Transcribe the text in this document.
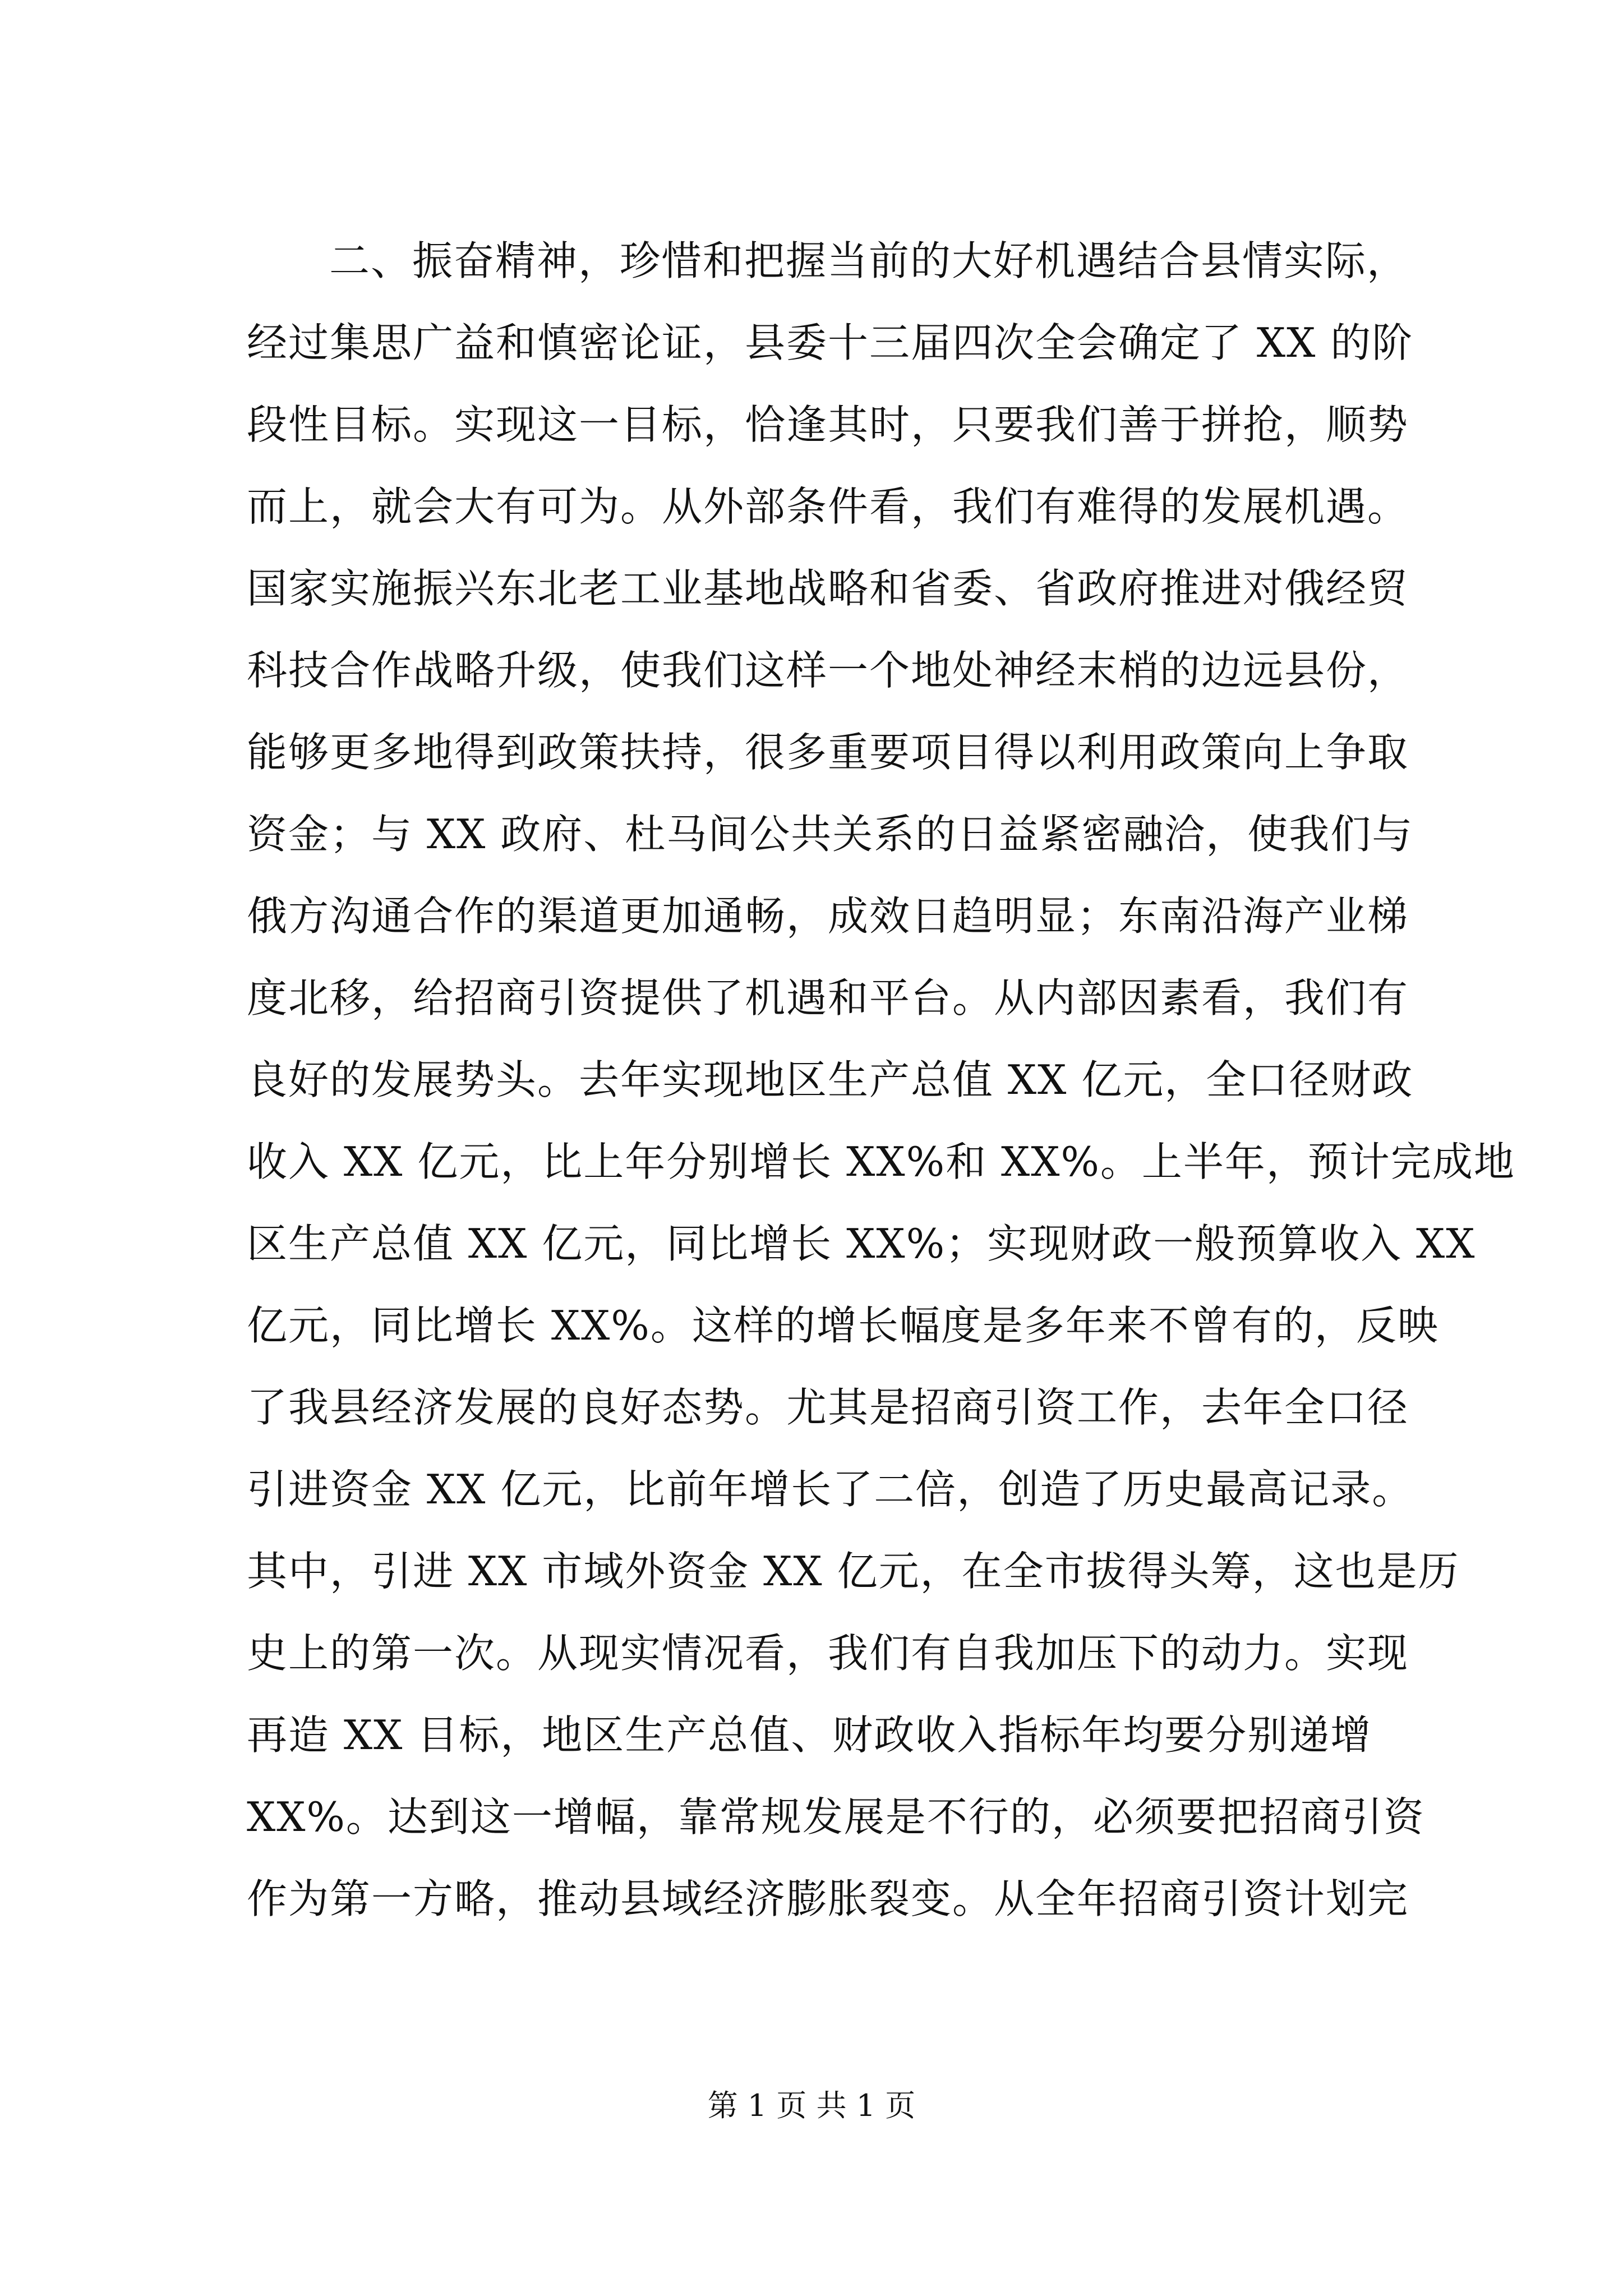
二、振奋精神，珍惜和把握当前的大好机遇结合县情实际，
经过集思广益和慎密论证，县委十三届四次全会确定了 XX 的阶
段性目标。实现这一目标，恰逢其时，只要我们善于拼抢，顺势
而上，就会大有可为。从外部条件看，我们有难得的发展机遇。
国家实施振兴东北老工业基地战略和省委、省政府推进对俄经贸
科技合作战略升级，使我们这样一个地处神经末梢的边远县份，
能够更多地得到政策扶持，很多重要项目得以利用政策向上争取
资金；与 XX 政府、杜马间公共关系的日益紧密融洽，使我们与
俄方沟通合作的渠道更加通畅，成效日趋明显；东南沿海产业梯
度北移，给招商引资提供了机遇和平台。从内部因素看，我们有
良好的发展势头。去年实现地区生产总值 XX 亿元，全口径财政
收入 XX 亿元，比上年分别增长 XX%和 XX%。上半年，预计完成地
区生产总值 XX 亿元，同比增长 XX%；实现财政一般预算收入 XX
亿元，同比增长 XX%。这样的增长幅度是多年来不曾有的，反映
了我县经济发展的良好态势。尤其是招商引资工作，去年全口径
引进资金 XX 亿元，比前年增长了二倍，创造了历史最高记录。
其中，引进 XX 市域外资金 XX 亿元，在全市拔得头筹，这也是历
史上的第一次。从现实情况看，我们有自我加压下的动力。实现
再造 XX 目标，地区生产总值、财政收入指标年均要分别递增
XX%。达到这一增幅，靠常规发展是不行的，必须要把招商引资
作为第一方略，推动县域经济膨胀裂变。从全年招商引资计划完
第 1 页 共 1 页
